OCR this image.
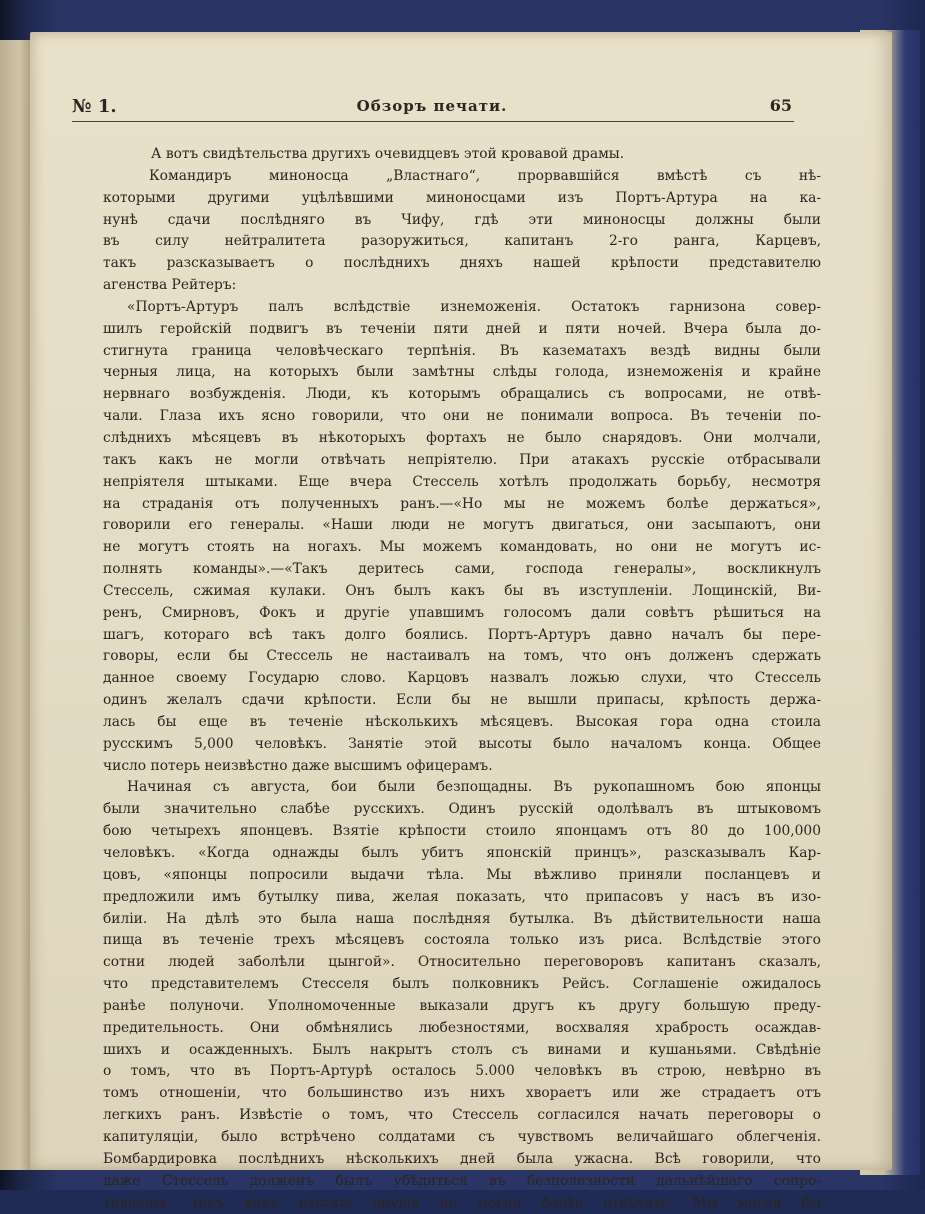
№ 1.	Обзоръ печати.	65
А вотъ свидѣтельства другихъ очевидцевъ этой кровавой драмы.
Командиръ миноносца „Властнаго“, прорвавшійся вмѣстѣ съ нѣ-
которыми другими уцѣлѣвшими миноносцами изъ Портъ-Артура на ка-
нунѣ сдачи послѣдняго въ Чифу, гдѣ эти миноносцы должны были
въ силу нейтралитета разоружиться, капитанъ 2-го ранга, Карцевъ,
такъ разсказываетъ о послѣднихъ дняхъ нашей крѣпости представителю
агенства Рейтеръ:
«Портъ-Артуръ палъ вслѣдствіе изнеможенія. Остатокъ гарнизона совер-
шилъ геройскій подвигъ въ теченіи пяти дней и пяти ночей. Вчера была до-
стигнута граница человѣческаго терпѣнія. Въ казематахъ вездѣ видны были
черныя лица, на которыхъ были замѣтны слѣды голода, изнеможенія и крайне
нервнаго возбужденія. Люди, къ которымъ обращались съ вопросами, не отвѣ-
чали. Глаза ихъ ясно говорили, что они не понимали вопроса. Въ теченіи по-
слѣднихъ мѣсяцевъ въ нѣкоторыхъ фортахъ не было снарядовъ. Они молчали,
такъ какъ не могли отвѣчать непріятелю. При атакахъ русскіе отбрасывали
непріятеля штыками. Еще вчера Стессель хотѣлъ продолжать борьбу, несмотря
на страданія отъ полученныхъ ранъ.—«Но мы не можемъ болѣе держаться»,
говорили его генералы. «Наши люди не могутъ двигаться, они засыпаютъ, они
не могутъ стоять на ногахъ. Мы можемъ командовать, но они не могутъ ис-
полнять команды».—«Такъ деритесь сами, господа генералы», воскликнулъ
Стессель, сжимая кулаки. Онъ былъ какъ бы въ изступленіи. Лощинскій, Ви-
ренъ, Смирновъ, Фокъ и другіе упавшимъ голосомъ дали совѣтъ рѣшиться на
шагъ, котораго всѣ такъ долго боялись. Портъ-Артуръ давно началъ бы пере-
говоры, если бы Стессель не настаивалъ на томъ, что онъ долженъ сдержать
данное своему Государю слово. Карцовъ назвалъ ложью слухи, что Стессель
одинъ желалъ сдачи крѣпости. Если бы не вышли припасы, крѣпость держа-
лась бы еще въ теченіе нѣсколькихъ мѣсяцевъ. Высокая гора одна стоила
русскимъ 5,000 человѣкъ. Занятіе этой высоты было началомъ конца. Общее
число потерь неизвѣстно даже высшимъ офицерамъ.
Начиная съ августа, бои были безпощадны. Въ рукопашномъ бою японцы
были значительно слабѣе русскихъ. Одинъ русскій одолѣвалъ въ штыковомъ
бою четырехъ японцевъ. Взятіе крѣпости стоило японцамъ отъ 80 до 100,000
человѣкъ. «Когда однажды былъ убитъ японскій принцъ», разсказывалъ Кар-
цовъ, «японцы попросили выдачи тѣла. Мы вѣжливо приняли посланцевъ и
предложили имъ бутылку пива, желая показать, что припасовъ у насъ въ изо-
биліи. На дѣлѣ это была наша послѣдняя бутылка. Въ дѣйствительности наша
пища въ теченіе трехъ мѣсяцевъ состояла только изъ риса. Вслѣдствіе этого
сотни людей заболѣли цынгой». Относительно переговоровъ капитанъ сказалъ,
что представителемъ Стесселя былъ полковникъ Рейсъ. Соглашеніе ожидалось
ранѣе полуночи. Уполномоченные выказали другъ къ другу большую преду-
предительность. Они обмѣнялись любезностями, восхваляя храбрость осаждав-
шихъ и осажденныхъ. Былъ накрытъ столъ съ винами и кушаньями. Свѣдѣніе
о томъ, что въ Портъ-Артурѣ осталось 5.000 человѣкъ въ строю, невѣрно въ
томъ отношеніи, что большинство изъ нихъ хвораетъ или же страдаетъ отъ
легкихъ ранъ. Извѣстіе о томъ, что Стессель согласился начать переговоры о
капитуляціи, было встрѣчено солдатами съ чувствомъ величайшаго облегченія.
Бомбардировка послѣднихъ нѣсколькихъ дней была ужасна. Всѣ говорили, что
даже Стессель долженъ былъ убѣдиться въ безполезности дальнѣйшаго сопро-
тивленія, такъ какъ русскія орудія не могли болѣе отвѣчать. Мы могли бы
